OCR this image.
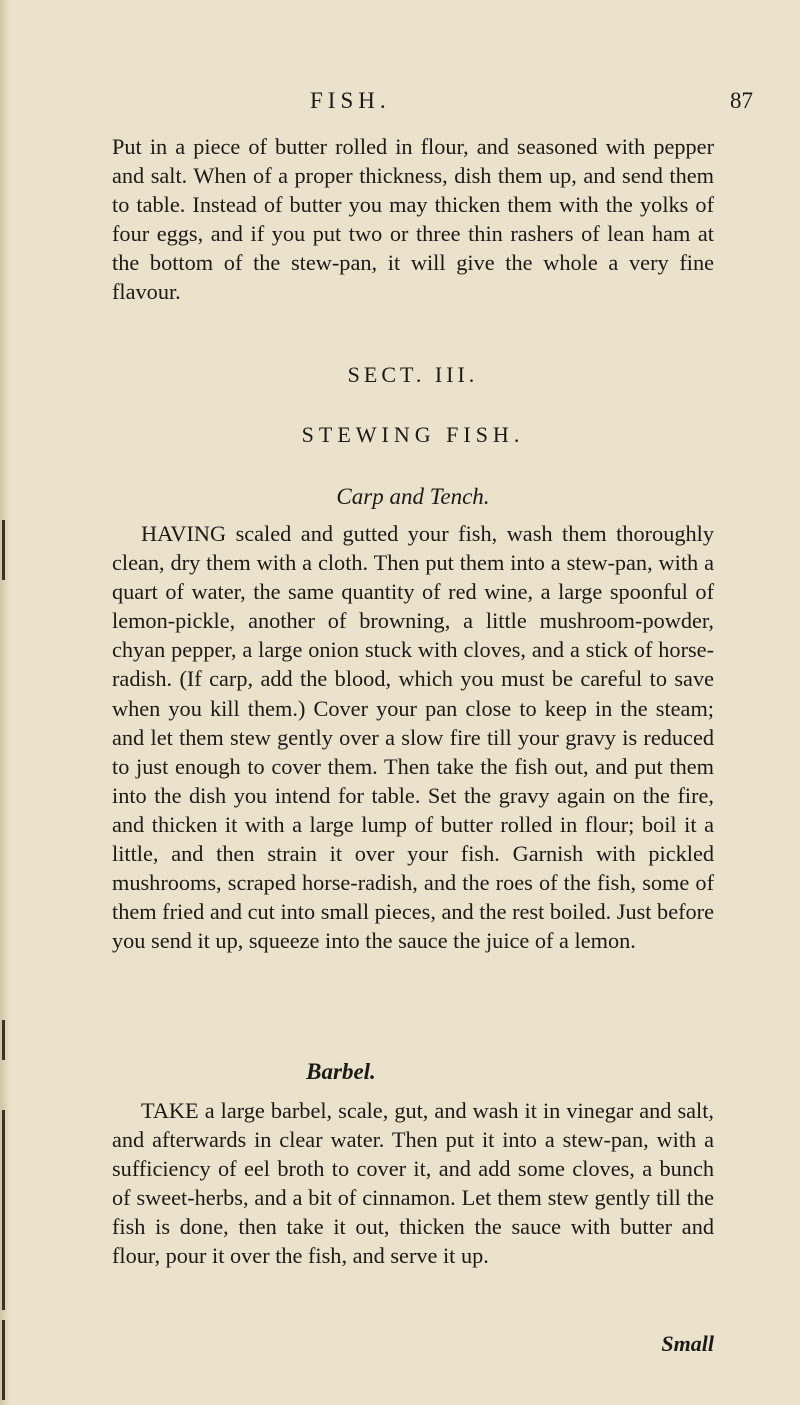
FISH.	87

Put in a piece of butter rolled in flour, and seasoned with pepper and salt. When of a proper thickness, dish them up, and send them to table. Instead of butter you may thicken them with the yolks of four eggs, and if you put two or three thin rashers of lean ham at the bottom of the stew-pan, it will give the whole a very fine flavour.

SECT. III.

STEWING FISH.

Carp and Tench.

HAVING scaled and gutted your fish, wash them thoroughly clean, dry them with a cloth. Then put them into a stew-pan, with a quart of water, the same quantity of red wine, a large spoonful of lemon-pickle, another of browning, a little mushroom-powder, chyan pepper, a large onion stuck with cloves, and a stick of horse-radish. (If carp, add the blood, which you must be careful to save when you kill them.) Cover your pan close to keep in the steam; and let them stew gently over a slow fire till your gravy is reduced to just enough to cover them. Then take the fish out, and put them into the dish you intend for table. Set the gravy again on the fire, and thicken it with a large lump of butter rolled in flour; boil it a little, and then strain it over your fish. Garnish with pickled mushrooms, scraped horse-radish, and the roes of the fish, some of them fried and cut into small pieces, and the rest boiled. Just before you send it up, squeeze into the sauce the juice of a lemon.

Barbel.

TAKE a large barbel, scale, gut, and wash it in vinegar and salt, and afterwards in clear water. Then put it into a stew-pan, with a sufficiency of eel broth to cover it, and add some cloves, a bunch of sweet-herbs, and a bit of cinnamon. Let them stew gently till the fish is done, then take it out, thicken the sauce with butter and flour, pour it over the fish, and serve it up.

Small
